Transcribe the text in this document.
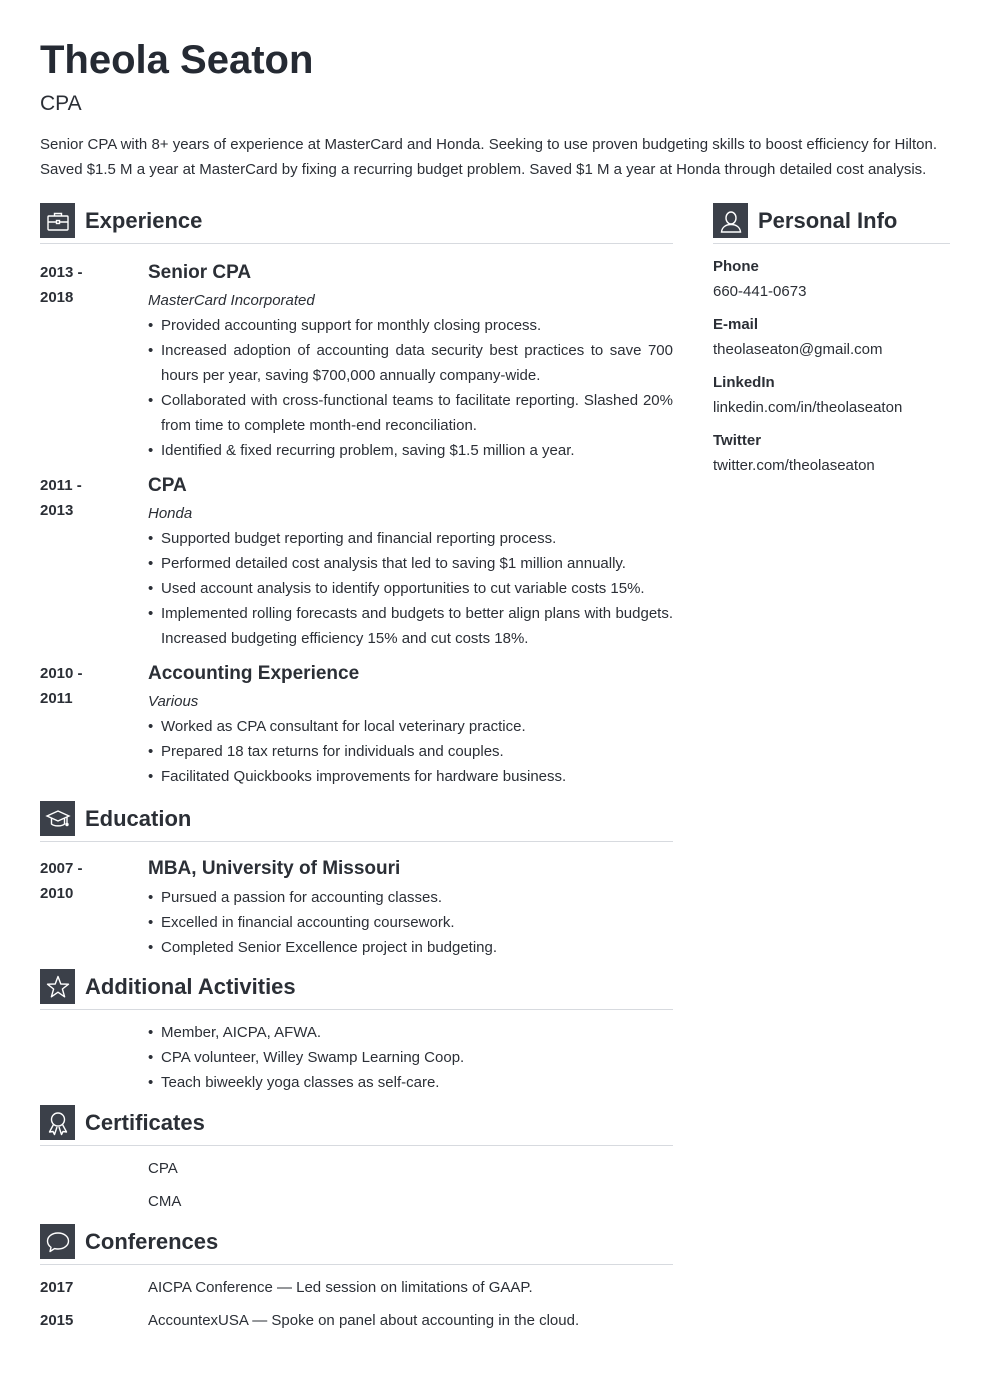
Theola Seaton
CPA
Senior CPA with 8+ years of experience at MasterCard and Honda. Seeking to use proven budgeting skills to boost efficiency for Hilton. Saved $1.5 M a year at MasterCard by fixing a recurring budget problem. Saved $1 M a year at Honda through detailed cost analysis.
Experience
2013 -
2018
Senior CPA
MasterCard Incorporated
• Provided accounting support for monthly closing process.
• Increased adoption of accounting data security best practices to save 700 hours per year, saving $700,000 annually company-wide.
• Collaborated with cross-functional teams to facilitate reporting. Slashed 20% from time to complete month-end reconciliation.
• Identified & fixed recurring problem, saving $1.5 million a year.
2011 -
2013
CPA
Honda
• Supported budget reporting and financial reporting process.
• Performed detailed cost analysis that led to saving $1 million annually.
• Used account analysis to identify opportunities to cut variable costs 15%.
• Implemented rolling forecasts and budgets to better align plans with budgets. Increased budgeting efficiency 15% and cut costs 18%.
2010 -
2011
Accounting Experience
Various
• Worked as CPA consultant for local veterinary practice.
• Prepared 18 tax returns for individuals and couples.
• Facilitated Quickbooks improvements for hardware business.
Education
2007 -
2010
MBA, University of Missouri
• Pursued a passion for accounting classes.
• Excelled in financial accounting coursework.
• Completed Senior Excellence project in budgeting.
Additional Activities
• Member, AICPA, AFWA.
• CPA volunteer, Willey Swamp Learning Coop.
• Teach biweekly yoga classes as self-care.
Certificates
CPA
CMA
Conferences
2017	AICPA Conference — Led session on limitations of GAAP.
2015	AccountexUSA — Spoke on panel about accounting in the cloud.
Personal Info
Phone
660-441-0673
E-mail
theolaseaton@gmail.com
LinkedIn
linkedin.com/in/theolaseaton
Twitter
twitter.com/theolaseaton
